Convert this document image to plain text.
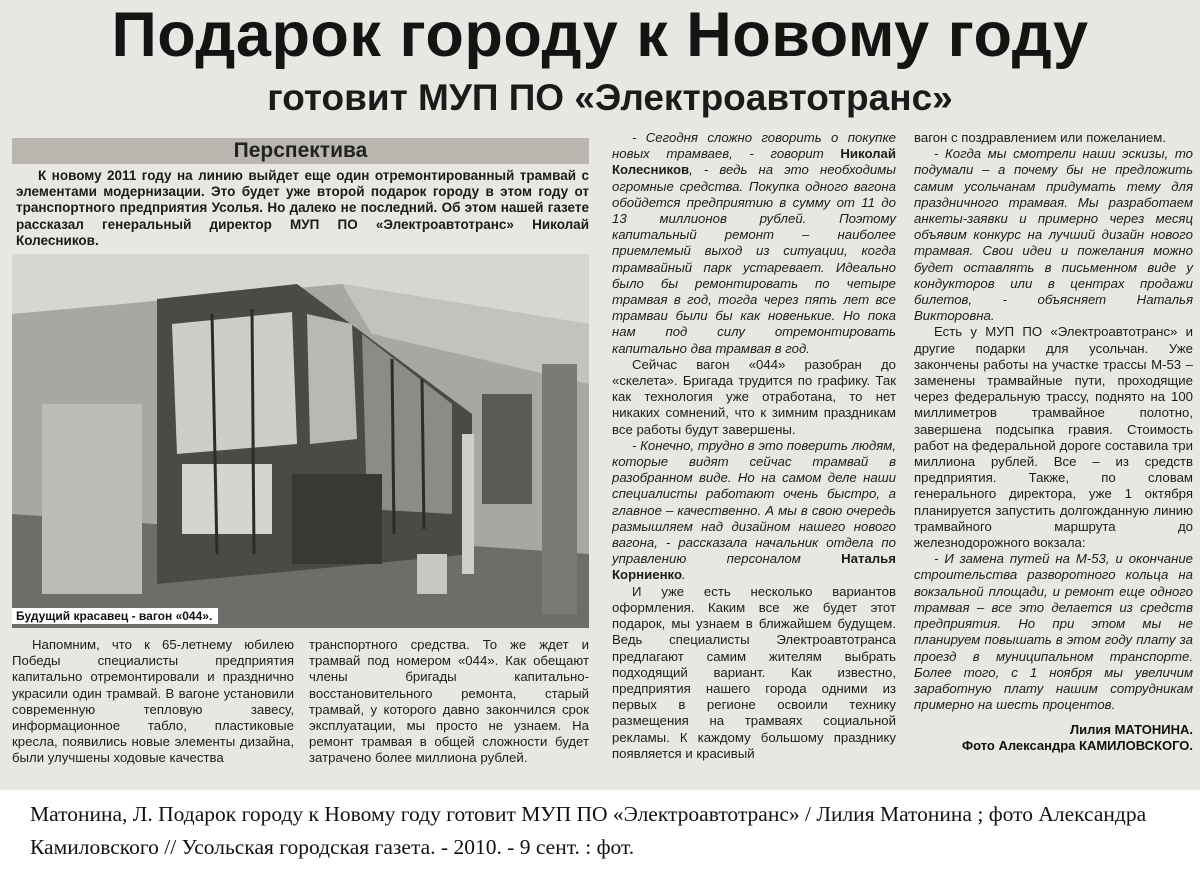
Подарок городу к Новому году
готовит МУП ПО «Электроавтотранс»
Перспектива
К новому 2011 году на линию выйдет еще один отремонтированный трамвай с элементами модернизации. Это будет уже второй подарок городу в этом году от транспортного предприятия Усолья. Но далеко не последний. Об этом нашей газете рассказал генеральный директор МУП ПО «Электроавтотранс» Николай Колесников.
Будущий красавец - вагон «044».

Напомним, что к 65-летнему юбилею Победы специалисты предприятия капитально отремонтировали и празднично украсили один трамвай. В вагоне установили современную тепловую завесу, информационное табло, пластиковые кресла, появились новые элементы дизайна, были улучшены ходовые качества

транспортного средства. То же ждет и трамвай под номером «044». Как обещают члены бригады капитально-восстановительного ремонта, старый трамвай, у которого давно закончился срок эксплуатации, мы просто не узнаем. На ремонт трамвая в общей сложности будет затрачено более миллиона рублей.

- Сегодня сложно говорить о покупке новых трамваев, - говорит Николай Колесников, - ведь на это необходимы огромные средства. Покупка одного вагона обойдется предприятию в сумму от 11 до 13 миллионов рублей. Поэтому капитальный ремонт – наиболее приемлемый выход из ситуации, когда трамвайный парк устаревает. Идеально было бы ремонтировать по четыре трамвая в год, тогда через пять лет все трамваи были бы как новенькие. Но пока нам под силу отремонтировать капитально два трамвая в год.

Сейчас вагон «044» разобран до «скелета». Бригада трудится по графику. Так как технология уже отработана, то нет никаких сомнений, что к зимним праздникам все работы будут завершены.

- Конечно, трудно в это поверить людям, которые видят сейчас трамвай в разобранном виде. Но на самом деле наши специалисты работают очень быстро, а главное – качественно. А мы в свою очередь размышляем над дизайном нашего нового вагона, - рассказала начальник отдела по управлению персоналом Наталья Корниенко.

И уже есть несколько вариантов оформления. Каким все же будет этот подарок, мы узнаем в ближайшем будущем. Ведь специалисты Электроавтотранса предлагают самим жителям выбрать подходящий вариант. Как известно, предприятия нашего города одними из первых в регионе освоили технику размещения на трамваях социальной рекламы. К каждому большому празднику появляется и красивый

вагон с поздравлением или пожеланием.

- Когда мы смотрели наши эскизы, то подумали – а почему бы не предложить самим усольчанам придумать тему для праздничного трамвая. Мы разработаем анкеты-заявки и примерно через месяц объявим конкурс на лучший дизайн нового трамвая. Свои идеи и пожелания можно будет оставлять в письменном виде у кондукторов или в центрах продажи билетов, - объясняет Наталья Викторовна.

Есть у МУП ПО «Электроавтотранс» и другие подарки для усольчан. Уже закончены работы на участке трассы М-53 – заменены трамвайные пути, проходящие через федеральную трассу, поднято на 100 миллиметров трамвайное полотно, завершена подсыпка гравия. Стоимость работ на федеральной дороге составила три миллиона рублей. Все – из средств предприятия. Также, по словам генерального директора, уже 1 октября планируется запустить долгожданную линию трамвайного маршрута до железнодорожного вокзала:

- И замена путей на М-53, и окончание строительства разворотного кольца на вокзальной площади, и ремонт еще одного трамвая – все это делается из средств предприятия. Но при этом мы не планируем повышать в этом году плату за проезд в муниципальном транспорте. Более того, с 1 ноября мы увеличим заработную плату нашим сотрудникам примерно на шесть процентов.

Лилия МАТОНИНА.
Фото Александра КАМИЛОВСКОГО.
Матонина, Л. Подарок городу к Новому году готовит МУП ПО «Электроавтотранс» / Лилия Матонина ; фото Александра Камиловского // Усольская городская газета. - 2010. - 9 сент. : фот.
